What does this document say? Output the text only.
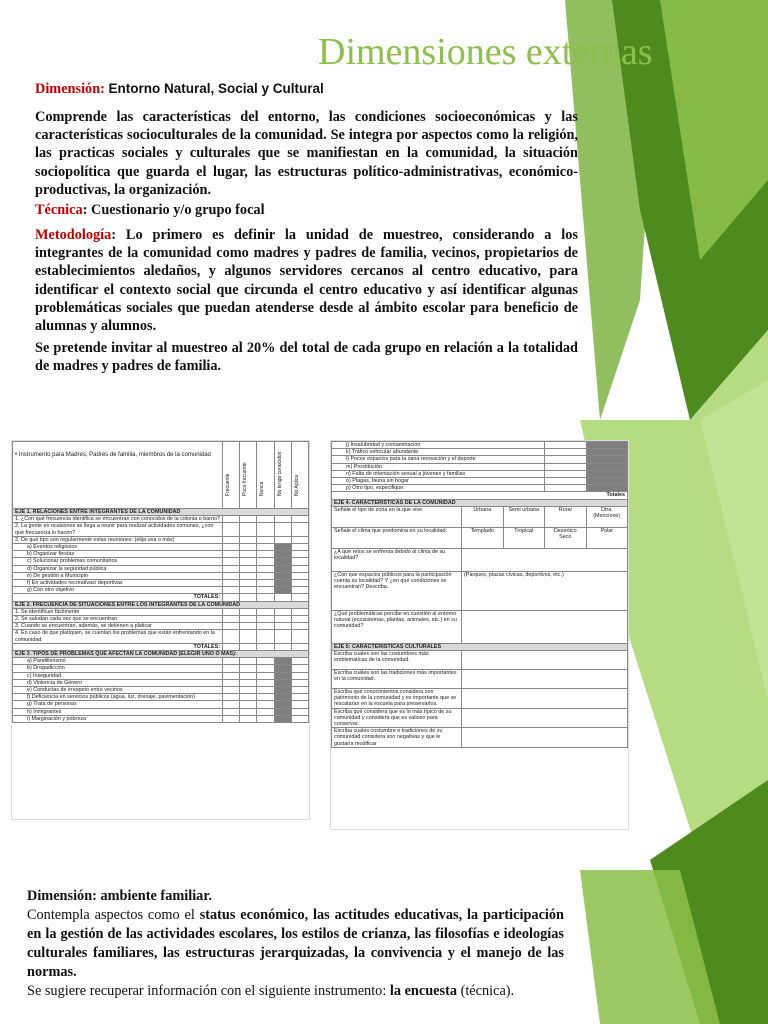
Dimensiones externas
Dimensión: Entorno Natural, Social y Cultural
Comprende las características del entorno, las condiciones socioeconómicas y las características socioculturales de la comunidad. Se integra por aspectos como la religión, las practicas sociales y culturales que se manifiestan en la comunidad, la situación sociopolítica que guarda el lugar, las estructuras político-administrativas, económico-productivas, la organización.
Técnica: Cuestionario y/o grupo focal
Metodología: Lo primero es definir la unidad de muestreo, considerando a los integrantes de la comunidad como madres y padres de familia, vecinos, propietarios de establecimientos aledaños, y algunos servidores cercanos al centro educativo, para identificar el contexto social que circunda el centro educativo y así identificar algunas problemáticas sociales que puedan atenderse desde al ámbito escolar para beneficio de alumnas y alumnos.
Se pretende invitar al muestreo al 20% del total de cada grupo en relación a la totalidad de madres y padres de familia.
• Instrumento para Madres, Padres de familia, miembros de la comunidad	Frecuente	Poco frecuente	Nunca	No tengo conocidos	No Aplica

EJE 1. RELACIONES ENTRE INTEGRANTES DE LA COMUNIDAD					
1. ¿Con qué frecuencia identifica se encuentran con conocidos de la colonia o barrio?					
2. La gente en ocasiones se llega a reunir para realizar actividades comunes, ¿con qué frecuencia lo hacen?					
3. De qué tipo son regularmente estas reuniones: (elija una o más)					
a) Eventos religiosos					
b) Organizar fiestas					
c) Solucionar problemas comunitarios					
d) Organizar la seguridad pública					
e) De gestión a Municipio					
f) En actividades recreativas/ deportivas					
g) Con otro objetivo					
TOTALES:					
EJE 2. FRECUENCIA DE SITUACIONES ENTRE LOS INTEGRANTES DE LA COMUNIDAD					
1. Se identifican fácilmente					
2. Se saludan cada vez que se encuentran					
3. Cuando se encuentran, además, se detienen a platicar					
4. En caso de que platiquen, se cuentan los problemas que están enfrentando en la comunidad					
TOTALES:					
EJE 3. TIPOS DE PROBLEMAS QUE AFECTAN LA COMUNIDAD (ELEGIR UNO O MÁS):					
a) Pandillerismo					
b) Drogadicción					
c) Inseguridad					
d) Violencia de Género					
e) Conductas de irrespeto entre vecinos					
f) Deficiencia en servicios públicos (agua, luz, drenaje, pavimentación)					
g) Trata de personas					
h) Inmigrantes					
i) Marginación y pobreza					
j) Insalubridad y contaminación				
k) Tráfico vehicular abundante				
l) Pocos espacios para la sana recreación y el deporte				
m) Prostitución				
n) Falta de orientación sexual a jóvenes y familias				
o) Plagas, fauna sin hogar				
p) Otro tipo, especifique:				
Totales				
EJE 4. CARACTERISTICAS DE LA COMUNIDAD				
Señale el tipo de zona en la que vive:	Urbana	Semi urbana	Rural	Otra. (Mencione)
Señale el clima que predomina en su localidad:	Templado	Tropical	Desertico Seco	Polar
¿A qué retos se enfrenta debido al clima de su localidad?				
¿Con que espacios públicos para la participación cuenta su localidad? Y ¿en qué condiciones se encuentran? Describa.	(Parques, plazas cívicas, deportivos, etc.)			
¿Qué problemáticas percibe en cuestión al entorno natural (ecosistemas, plantas, animales, etc.) en su comunidad?				
EJE 5: CARACTERISTICAS CULTURALES				
Escriba cuales son las costumbres más emblemáticas de la comunidad.				
Escriba cuáles son las tradiciones más importantes en la comunidad.				
Escriba qué conocimientos considera son patrimonio de la comunidad y es importante que se rescataran en la escuela para preservarlos.				
Escriba qué considera que es lo más típico de su comunidad y considera que es valioso para conservar.				
Escriba cuales costumbre o tradiciones de su comunidad considera son negativas y que le gustaría modificar				

Dimensión: ambiente familiar.

Contempla aspectos como el status económico, las actitudes educativas, la participación en la gestión de las actividades escolares, los estilos de crianza, las filosofías e ideologías culturales familiares, las estructuras jerarquizadas, la convivencia y el manejo de las normas.

Se sugiere recuperar información con el siguiente instrumento: la encuesta (técnica).
